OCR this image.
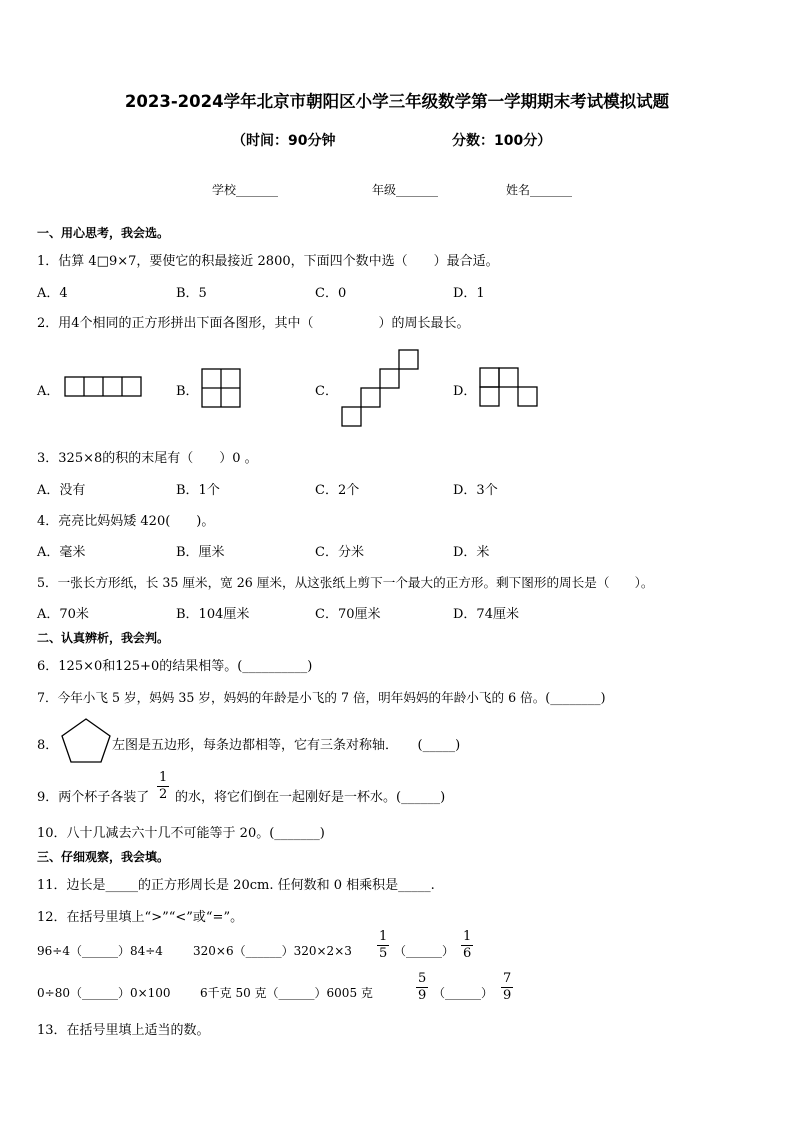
2023-2024学年北京市朝阳区小学三年级数学第一学期期末考试模拟试题
（时间：90分钟	分数：100分）
学校_______	年级_______	姓名_______
一、用心思考，我会选。
1．估算 4□9×7，要使它的积最接近 2800，下面四个数中选（　　）最合适。
A．4	B．5	C．0	D．1
2．用4个相同的正方形拼出下面各图形，其中（　　　　　）的周长最长。
A．	B．	C．	D．
3．325×8的积的末尾有（　　）0 。
A．没有	B．1个	C．2个	D．3个
4．亮亮比妈妈矮 420(　　)。
A．毫米	B．厘米	C．分米	D．米
5．一张长方形纸，长 35 厘米，宽 26 厘米，从这张纸上剪下一个最大的正方形。剩下图形的周长是（　　）。
A．70米	B．104厘米	C．70厘米	D．74厘米
二、认真辨析，我会判。
6．125×0和125+0的结果相等。(__________)
7．今年小飞 5 岁，妈妈 35 岁，妈妈的年龄是小飞的 7 倍，明年妈妈的年龄小飞的 6 倍。(________)
8．	左图是五边形，每条边都相等，它有三条对称轴．　　(_____)
9．两个杯子各装了 $\frac{1}{2}$ 的水，将它们倒在一起刚好是一杯水。(______)
10．八十几减去六十几不可能等于 20。(_______)
三、仔细观察，我会填。
11．边长是_____的正方形周长是 20cm. 任何数和 0 相乘积是_____.
12．在括号里填上“>”“<”或“=”。
96÷4（______）84÷4	320×6（______）320×2×3 $\frac{1}{5}$ （______） $\frac{1}{6}$
0÷80（______）0×100 6千克 50 克（______）6005 克	$\frac{5}{9}$ （______） $\frac{7}{9}$
13．在括号里填上适当的数。
